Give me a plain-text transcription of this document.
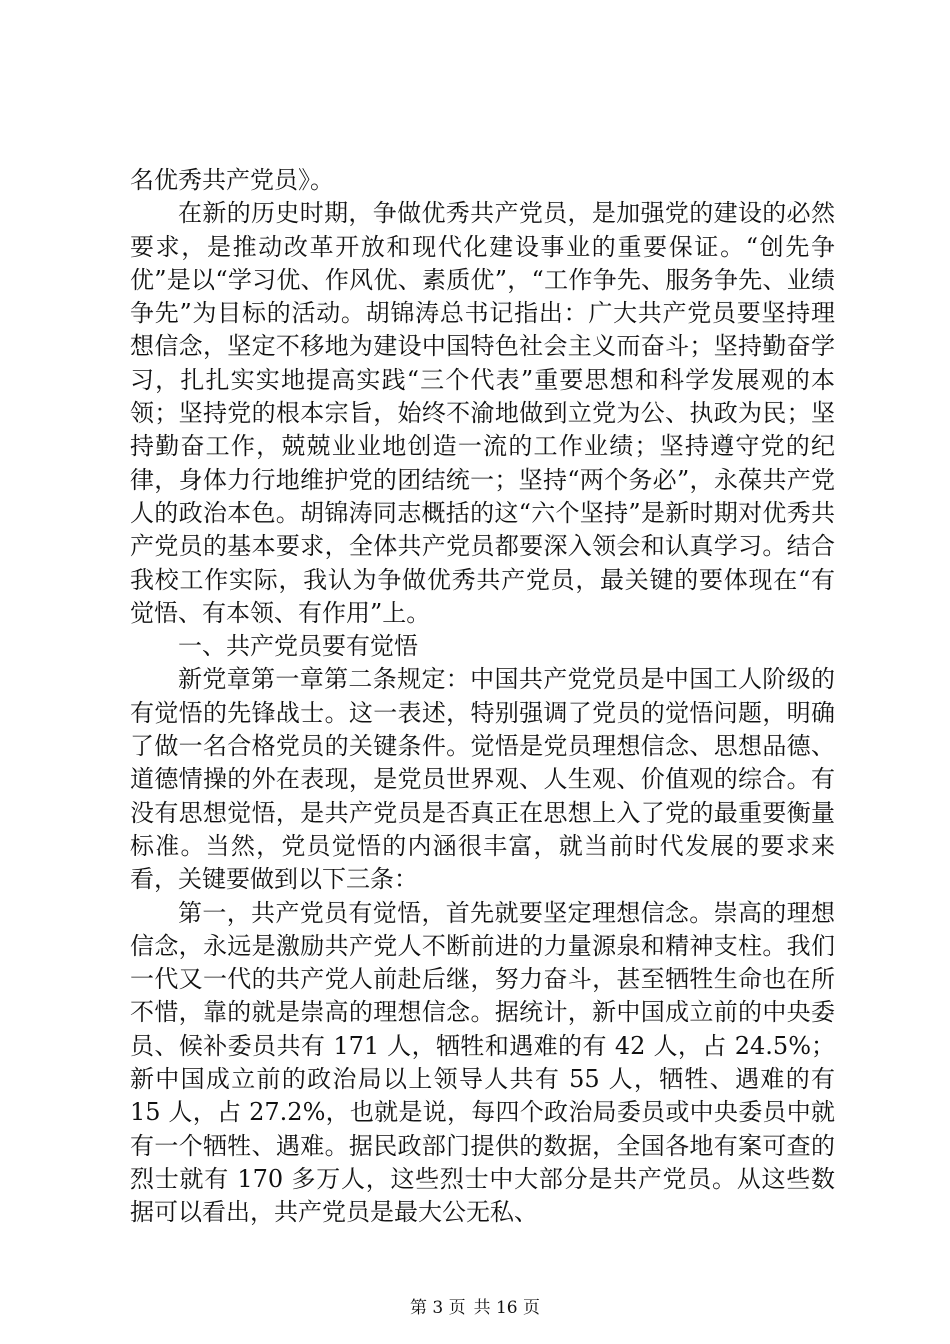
名优秀共产党员》。

在新的历史时期，争做优秀共产党员，是加强党的建设的必然要求，是推动改革开放和现代化建设事业的重要保证。“创先争优”是以“学习优、作风优、素质优”，“工作争先、服务争先、业绩争先”为目标的活动。胡锦涛总书记指出：广大共产党员要坚持理想信念，坚定不移地为建设中国特色社会主义而奋斗；坚持勤奋学习，扎扎实实地提高实践“三个代表”重要思想和科学发展观的本领；坚持党的根本宗旨，始终不渝地做到立党为公、执政为民；坚持勤奋工作，兢兢业业地创造一流的工作业绩；坚持遵守党的纪律，身体力行地维护党的团结统一；坚持“两个务必”，永葆共产党人的政治本色。胡锦涛同志概括的这“六个坚持”是新时期对优秀共产党员的基本要求，全体共产党员都要深入领会和认真学习。结合我校工作实际，我认为争做优秀共产党员，最关键的要体现在“有觉悟、有本领、有作用”上。

一、共产党员要有觉悟

新党章第一章第二条规定：中国共产党党员是中国工人阶级的有觉悟的先锋战士。这一表述，特别强调了党员的觉悟问题，明确了做一名合格党员的关键条件。觉悟是党员理想信念、思想品德、道德情操的外在表现，是党员世界观、人生观、价值观的综合。有没有思想觉悟，是共产党员是否真正在思想上入了党的最重要衡量标准。当然，党员觉悟的内涵很丰富，就当前时代发展的要求来看，关键要做到以下三条：

第一，共产党员有觉悟，首先就要坚定理想信念。崇高的理想信念，永远是激励共产党人不断前进的力量源泉和精神支柱。我们一代又一代的共产党人前赴后继，努力奋斗，甚至牺牲生命也在所不惜，靠的就是崇高的理想信念。据统计，新中国成立前的中央委员、候补委员共有 171 人，牺牲和遇难的有 42 人，占 24.5%；新中国成立前的政治局以上领导人共有 55 人，牺牲、遇难的有 15 人，占 27.2%，也就是说，每四个政治局委员或中央委员中就有一个牺牲、遇难。据民政部门提供的数据，全国各地有案可查的烈士就有 170 多万人，这些烈士中大部分是共产党员。从这些数据可以看出，共产党员是最大公无私、

第 3 页 共 16 页
